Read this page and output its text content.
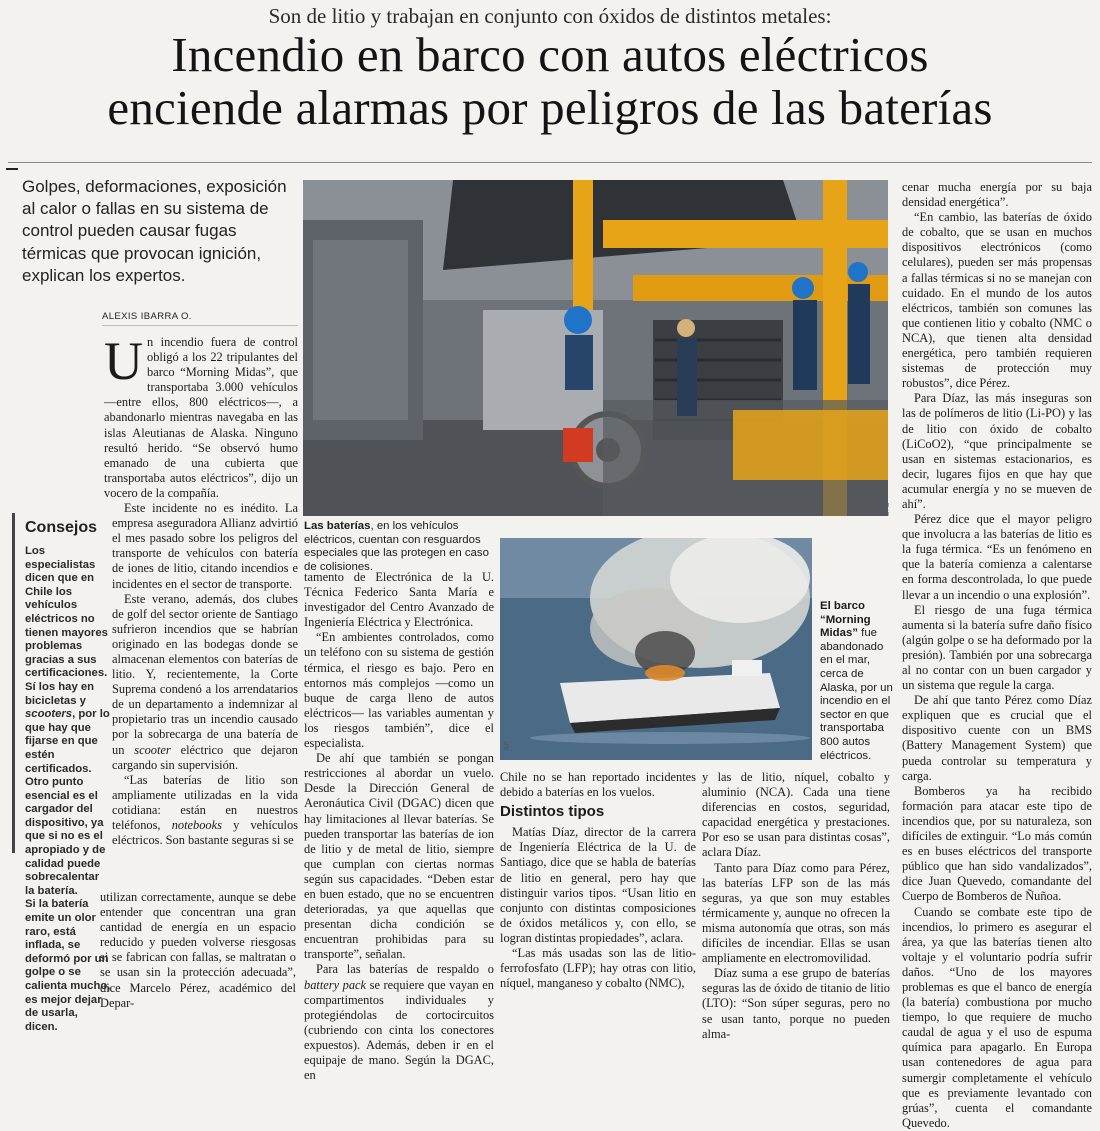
Son de litio y trabajan en conjunto con óxidos de distintos metales:
Incendio en barco con autos eléctricos
enciende alarmas por peligros de las baterías
Golpes, deformaciones, exposición al calor o fallas en su sistema de control pueden causar fugas térmicas que provocan ignición, explican los expertos.
ALEXIS IBARRA O.

Un incendio fuera de control obligó a los 22 tripulantes del barco “Morning Midas”, que transportaba 3.000 vehículos —entre ellos, 800 eléctricos—, a abandonarlo mientras navegaba en las islas Aleutianas de Alaska. Ninguno resultó herido. “Se observó humo emanado de una cubierta que transportaba autos eléctricos”, dijo un vocero de la compañía.

Este incidente no es inédito. La empresa aseguradora Allianz advirtió el mes pasado sobre los peligros del transporte de vehículos con batería de iones de litio, citando incendios e incidentes en el sector de transporte.

Este verano, además, dos clubes de golf del sector oriente de Santiago sufrieron incendios que se habrían originado en las bodegas donde se almacenan elementos con baterías de litio. Y, recientemente, la Corte Suprema condenó a los arrendatarios de un departamento a indemnizar al propietario tras un incendio causado por la sobrecarga de una batería de un scooter eléctrico que dejaron cargando sin supervisión.

“Las baterías de litio son ampliamente utilizadas en la vida cotidiana: están en nuestros teléfonos, notebooks y vehículos eléctricos. Son bastante seguras si se

utilizan correctamente, aunque se debe entender que concentran una gran cantidad de energía en un espacio reducido y pueden volverse riesgosas si se fabrican con fallas, se maltratan o se usan sin la protección adecuada”, dice Marcelo Pérez, académico del Depar-

Consejos

Los especialistas dicen que en Chile los vehículos eléctricos no tienen mayores problemas gracias a sus certificaciones. Sí los hay en bicicletas y scooters, por lo que hay que fijarse en que estén certificados. Otro punto esencial es el cargador del dispositivo, ya que si no es el apropiado y de calidad puede sobrecalentar la batería.

Si la batería emite un olor raro, está inflada, se deformó por un golpe o se calienta mucho, es mejor dejar de usarla, dicen.

EFE
Las baterías, en los vehículos eléctricos, cuentan con resguardos especiales que las protegen en caso de colisiones.

tamento de Electrónica de la U. Técnica Federico Santa María e investigador del Centro Avanzado de Ingeniería Eléctrica y Electrónica.

“En ambientes controlados, como un teléfono con su sistema de gestión térmica, el riesgo es bajo. Pero en entornos más complejos —como un buque de carga lleno de autos eléctricos— las variables aumentan y los riesgos también”, dice el especialista.

De ahí que también se pongan restricciones al abordar un vuelo. Desde la Dirección General de Aeronáutica Civil (DGAC) dicen que hay limitaciones al llevar baterías. Se pueden transportar las baterías de ion de litio y de metal de litio, siempre que cumplan con ciertas normas según sus capacidades. “Deben estar en buen estado, que no se encuentren deterioradas, ya que aquellas que presentan dicha condición se encuentran prohibidas para su transporte”, señalan.

Para las baterías de respaldo o battery pack se requiere que vayan en compartimentos individuales y protegiéndolas de cortocircuitos (cubriendo con cinta los conectores expuestos). Además, deben ir en el equipaje de mano. Según la DGAC, en

AP
El barco “Morning Midas” fue abandonado en el mar, cerca de Alaska, por un incendio en el sector en que transportaba 800 autos eléctricos.

Chile no se han reportado incidentes debido a baterías en los vuelos.

Distintos tipos

Matías Díaz, director de la carrera de Ingeniería Eléctrica de la U. de Santiago, dice que se habla de baterías de litio en general, pero hay que distinguir varios tipos. “Usan litio en conjunto con distintas composiciones de óxidos metálicos y, con ello, se logran distintas propiedades”, aclara.

“Las más usadas son las de litio-ferrofosfato (LFP); hay otras con litio, níquel, manganeso y cobalto (NMC),

y las de litio, níquel, cobalto y aluminio (NCA). Cada una tiene diferencias en costos, seguridad, capacidad energética y prestaciones. Por eso se usan para distintas cosas”, aclara Díaz.

Tanto para Díaz como para Pérez, las baterías LFP son de las más seguras, ya que son muy estables térmicamente y, aunque no ofrecen la misma autonomía que otras, son más difíciles de incendiar. Ellas se usan ampliamente en electromovilidad.

Díaz suma a ese grupo de baterías seguras las de óxido de titanio de litio (LTO): “Son súper seguras, pero no se usan tanto, porque no pueden alma-

cenar mucha energía por su baja densidad energética”.

“En cambio, las baterías de óxido de cobalto, que se usan en muchos dispositivos electrónicos (como celulares), pueden ser más propensas a fallas térmicas si no se manejan con cuidado. En el mundo de los autos eléctricos, también son comunes las que contienen litio y cobalto (NMC o NCA), que tienen alta densidad energética, pero también requieren sistemas de protección muy robustos”, dice Pérez.

Para Díaz, las más inseguras son las de polímeros de litio (Li-PO) y las de litio con óxido de cobalto (LiCoO2), “que principalmente se usan en sistemas estacionarios, es decir, lugares fijos en que hay que acumular energía y no se mueven de ahí”.

Pérez dice que el mayor peligro que involucra a las baterías de litio es la fuga térmica. “Es un fenómeno en que la batería comienza a calentarse en forma descontrolada, lo que puede llevar a un incendio o una explosión”.

El riesgo de una fuga térmica aumenta si la batería sufre daño físico (algún golpe o se ha deformado por la presión). También por una sobrecarga al no contar con un buen cargador y un sistema que regule la carga.

De ahí que tanto Pérez como Díaz expliquen que es crucial que el dispositivo cuente con un BMS (Battery Management System) que pueda controlar su temperatura y carga.

Bomberos ya ha recibido formación para atacar este tipo de incendios que, por su naturaleza, son difíciles de extinguir. “Lo más común es en buses eléctricos del transporte público que han sido vandalizados”, dice Juan Quevedo, comandante del Cuerpo de Bomberos de Ñuñoa.

Cuando se combate este tipo de incendios, lo primero es asegurar el área, ya que las baterías tienen alto voltaje y el voluntario podría sufrir daños. “Uno de los mayores problemas es que el banco de energía (la batería) combustiona por mucho tiempo, lo que requiere de mucho caudal de agua y el uso de espuma química para apagarlo. En Europa usan contenedores de agua para sumergir completamente el vehículo que es previamente levantado con grúas”, cuenta el comandante Quevedo.
